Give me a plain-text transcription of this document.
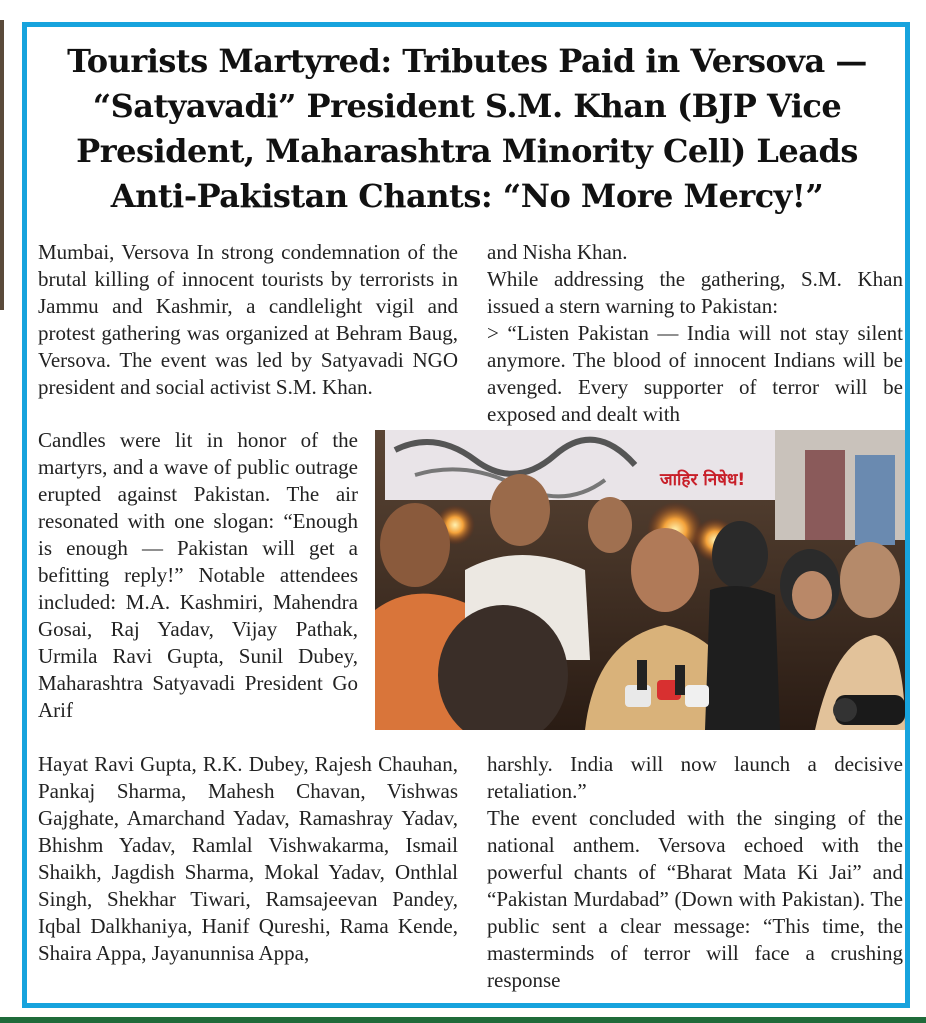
Tourists Martyred: Tributes Paid in Versova — “Satyavadi” President S.M. Khan (BJP Vice President, Maharashtra Minority Cell) Leads Anti-Pakistan Chants: “No More Mercy!”

Mumbai, Versova In strong condemnation of the brutal killing of innocent tourists by terrorists in Jammu and Kashmir, a candlelight vigil and protest gathering was organized at Behram Baug, Versova. The event was led by Satyavadi NGO president and social activist S.M. Khan.

Candles were lit in honor of the martyrs, and a wave of public outrage erupted against Pakistan. The air resonated with one slogan: “Enough is enough — Pakistan will get a befitting reply!” Notable attendees included: M.A. Kashmiri, Mahendra Gosai, Raj Yadav, Vijay Pathak, Urmila Ravi Gupta, Sunil Dubey, Maharashtra Satyavadi President Go Arif

Hayat Ravi Gupta, R.K. Dubey, Rajesh Chauhan, Pankaj Sharma, Mahesh Chavan, Vishwas Gajghate, Amarchand Yadav, Ramashray Yadav, Bhishm Yadav, Ramlal Vishwakarma, Ismail Shaikh, Jagdish Sharma, Mokal Yadav, Onthlal Singh, Shekhar Tiwari, Ramsajeevan Pandey, Iqbal Dalkhaniya, Hanif Qureshi, Rama Kende, Shaira Appa, Jayanunnisa Appa,

and Nisha Khan.

While addressing the gathering, S.M. Khan issued a stern warning to Pakistan:

> “Listen Pakistan — India will not stay silent anymore. The blood of innocent Indians will be avenged. Every supporter of terror will be exposed and dealt with

harshly. India will now launch a decisive retaliation.”

The event concluded with the singing of the national anthem. Versova echoed with the powerful chants of “Bharat Mata Ki Jai” and “Pakistan Murdabad” (Down with Pakistan). The public sent a clear message: “This time, the masterminds of terror will face a crushing response

जाहिर निषेध!
